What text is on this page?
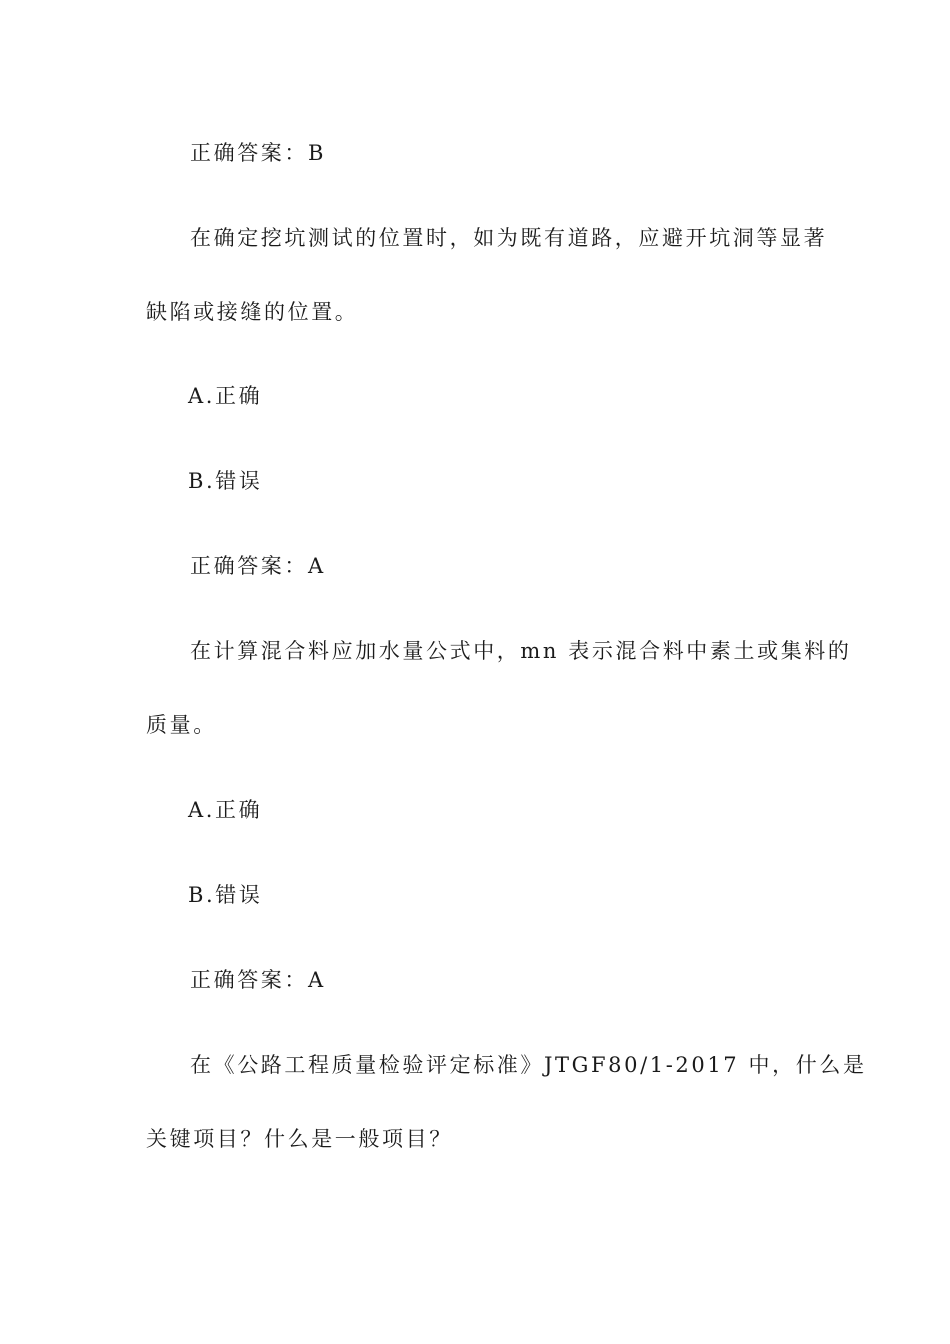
正确答案：B
在确定挖坑测试的位置时，如为既有道路，应避开坑洞等显著
缺陷或接缝的位置。
A.正确
B.错误
正确答案：A
在计算混合料应加水量公式中，mn 表示混合料中素土或集料的
质量。
A.正确
B.错误
正确答案：A
在《公路工程质量检验评定标准》JTGF80/1-2017 中，什么是
关键项目？什么是一般项目？
